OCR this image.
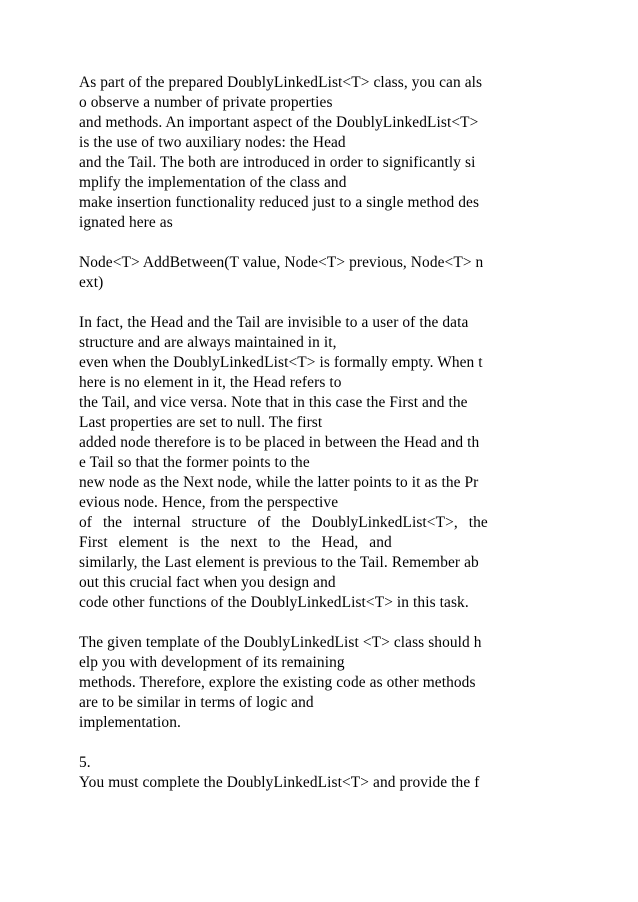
As part of the prepared DoublyLinkedList<T> class, you can als
o observe a number of private properties
and methods. An important aspect of the DoublyLinkedList<T>
is the use of two auxiliary nodes: the Head
and the Tail. The both are introduced in order to significantly si
mplify the implementation of the class and
make insertion functionality reduced just to a single method des
ignated here as
Node<T> AddBetween(T value, Node<T> previous, Node<T> n
ext)
In fact, the Head and the Tail are invisible to a user of the data
structure and are always maintained in it,
even when the DoublyLinkedList<T> is formally empty. When t
here is no element in it, the Head refers to
the Tail, and vice versa. Note that in this case the First and the
Last properties are set to null. The first
added node therefore is to be placed in between the Head and th
e Tail so that the former points to the
new node as the Next node, while the latter points to it as the Pr
evious node. Hence, from the perspective
of the internal structure of the DoublyLinkedList<T>, the
First element is the next to the Head, and
similarly, the Last element is previous to the Tail. Remember ab
out this crucial fact when you design and
code other functions of the DoublyLinkedList<T> in this task.
The given template of the DoublyLinkedList <T> class should h
elp you with development of its remaining
methods. Therefore, explore the existing code as other methods
are to be similar in terms of logic and
implementation.
5.
You must complete the DoublyLinkedList<T> and provide the f
